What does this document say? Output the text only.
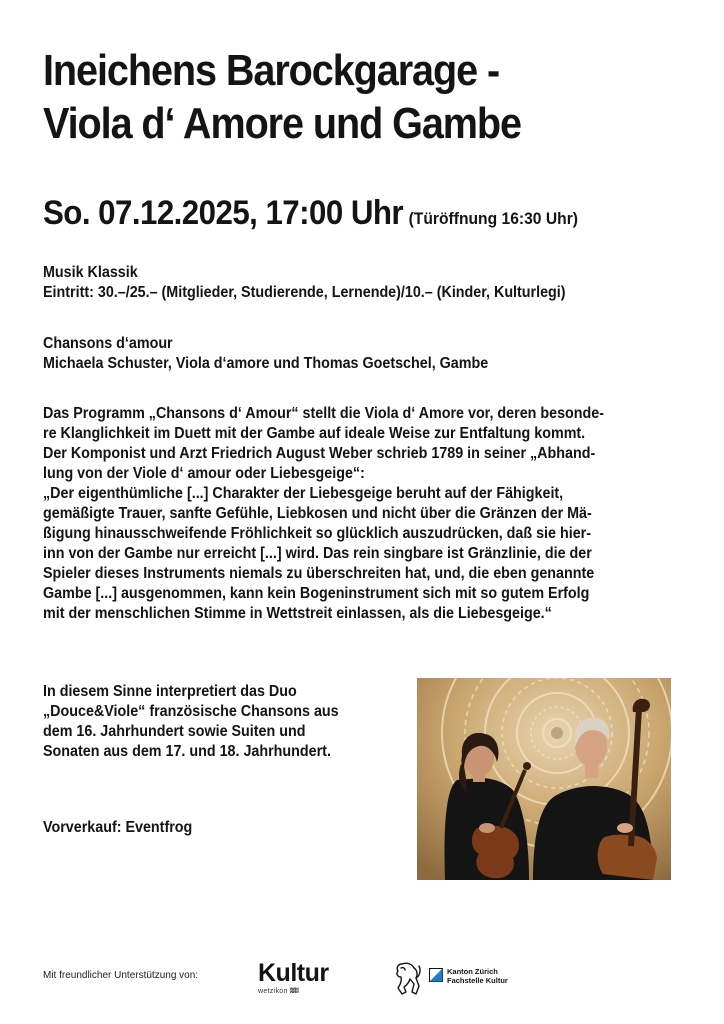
Ineichens Barockgarage -
Viola d‘ Amore und Gambe
So. 07.12.2025, 17:00 Uhr (Türöffnung 16:30 Uhr)

Musik Klassik

Eintritt: 30.–/25.– (Mitglieder, Studierende, Lernende)/10.– (Kinder, Kulturlegi)

Chansons d‘amour

Michaela Schuster, Viola d‘amore und Thomas Goetschel, Gambe

Das Programm „Chansons d‘ Amour“ stellt die Viola d‘ Amore vor, deren besonde-

re Klanglichkeit im Duett mit der Gambe auf ideale Weise zur Entfaltung kommt.

Der Komponist und Arzt Friedrich August Weber schrieb 1789 in seiner „Abhand-

lung von der Viole d‘ amour oder Liebesgeige“:

„Der eigenthümliche [...] Charakter der Liebesgeige beruht auf der Fähigkeit,

gemäßigte Trauer, sanfte Gefühle, Liebkosen und nicht über die Gränzen der Mä-

ßigung hinausschweifende Fröhlichkeit so glücklich auszudrücken, daß sie hier-

inn von der Gambe nur erreicht [...] wird. Das rein singbare ist Gränzlinie, die der

Spieler dieses Instruments niemals zu überschreiten hat, und, die eben genannte

Gambe [...] ausgenommen, kann kein Bogeninstrument sich mit so gutem Erfolg

mit der menschlichen Stimme in Wettstreit einlassen, als die Liebesgeige.“

In diesem Sinne interpretiert das Duo

„Douce&Viole“ französische Chansons aus

dem 16. Jahrhundert sowie Suiten und

Sonaten aus dem 17. und 18. Jahrhundert.

Vorverkauf: Eventfrog

Mit freundlicher Unterstützung von: Kultur
wetzikon ʬʬʬ
Kanton Zürich
Fachstelle Kultur
